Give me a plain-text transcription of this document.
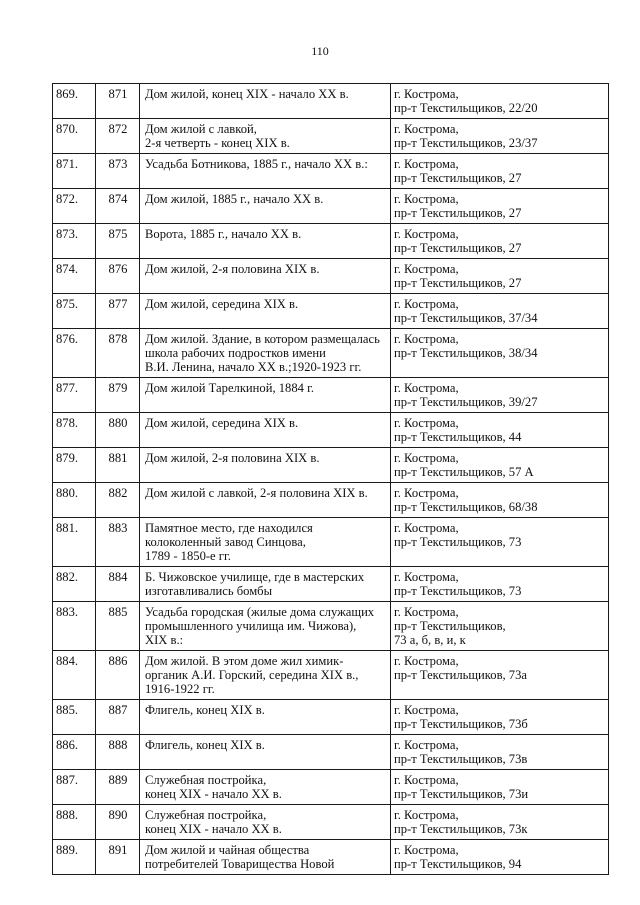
110
869.	871	Дом жилой, конец XIX - начало XX в.	г. Кострома,
пр-т Текстильщиков, 22/20
870.	872	Дом жилой с лавкой,
2-я четверть - конец XIX в.	г. Кострома,
пр-т Текстильщиков, 23/37
871.	873	Усадьба Ботникова, 1885 г., начало XX в.:	г. Кострома,
пр-т Текстильщиков, 27
872.	874	Дом жилой, 1885 г., начало XX в.	г. Кострома,
пр-т Текстильщиков, 27
873.	875	Ворота, 1885 г., начало XX в.	г. Кострома,
пр-т Текстильщиков, 27
874.	876	Дом жилой, 2-я половина XIX в.	г. Кострома,
пр-т Текстильщиков, 27
875.	877	Дом жилой, середина XIX в.	г. Кострома,
пр-т Текстильщиков, 37/34
876.	878	Дом жилой. Здание, в котором размещалась
школа рабочих подростков имени
В.И. Ленина, начало XX в.;1920-1923 гг.	г. Кострома,
пр-т Текстильщиков, 38/34
877.	879	Дом жилой Тарелкиной, 1884 г.	г. Кострома,
пр-т Текстильщиков, 39/27
878.	880	Дом жилой, середина XIX в.	г. Кострома,
пр-т Текстильщиков, 44
879.	881	Дом жилой, 2-я половина XIX в.	г. Кострома,
пр-т Текстильщиков, 57 А
880.	882	Дом жилой с лавкой, 2-я половина XIX в.	г. Кострома,
пр-т Текстильщиков, 68/38
881.	883	Памятное место, где находился
колоколенный завод Синцова,
1789 - 1850-е гг.	г. Кострома,
пр-т Текстильщиков, 73
882.	884	Б. Чижовское училище, где в мастерских
изготавливались бомбы	г. Кострома,
пр-т Текстильщиков, 73
883.	885	Усадьба городская (жилые дома служащих
промышленного училища им. Чижова),
XIX в.:	г. Кострома,
пр-т Текстильщиков,
73 а, б, в, и, к
884.	886	Дом жилой. В этом доме жил химик-
органик А.И. Горский, середина XIX в.,
1916-1922 гг.	г. Кострома,
пр-т Текстильщиков, 73а
885.	887	Флигель, конец XIX в.	г. Кострома,
пр-т Текстильщиков, 73б
886.	888	Флигель, конец XIX в.	г. Кострома,
пр-т Текстильщиков, 73в
887.	889	Служебная постройка,
конец XIX - начало XX в.	г. Кострома,
пр-т Текстильщиков, 73и
888.	890	Служебная постройка,
конец XIX - начало XX в.	г. Кострома,
пр-т Текстильщиков, 73к
889.	891	Дом жилой и чайная общества
потребителей Товарищества Новой	г. Кострома,
пр-т Текстильщиков, 94
